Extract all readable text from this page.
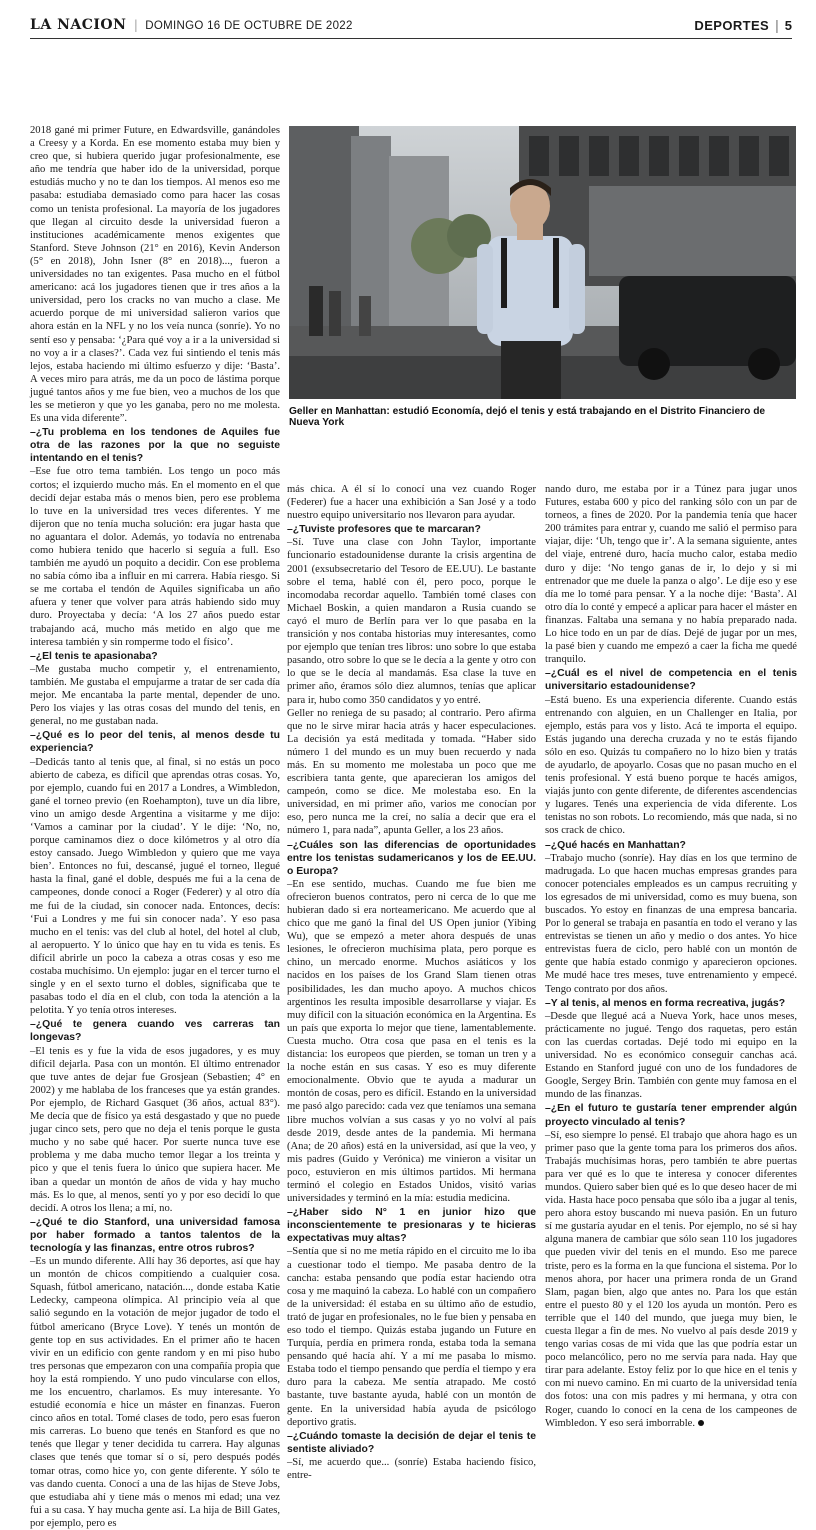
LA NACION | DOMINGO 16 DE OCTUBRE DE 2022	DEPORTES | 5
Geller en Manhattan: estudió Economía, dejó el tenis y está trabajando en el Distrito Financiero de Nueva York

2018 gané mi primer Future, en Edwardsville, ganándoles a Creesy y a Korda. En ese momento estaba muy bien y creo que, si hubiera querido jugar profesionalmente, ese año me tendría que haber ido de la universidad, porque estudiás mucho y no te dan los tiempos. Al menos eso me pasaba: estudiaba demasiado como para hacer las cosas como un tenista profesional. La mayoría de los jugadores que llegan al circuito desde la universidad fueron a instituciones académicamente menos exigentes que Stanford. Steve Johnson (21° en 2016), Kevin Anderson (5° en 2018), John Isner (8° en 2018)..., fueron a universidades no tan exigentes. Pasa mucho en el fútbol americano: acá los jugadores tienen que ir tres años a la universidad, pero los cracks no van mucho a clase. Me acuerdo porque de mi universidad salieron varios que ahora están en la NFL y no los veía nunca (sonríe). Yo no sentí eso y pensaba: ‘¿Para qué voy a ir a la universidad si no voy a ir a clases?’. Cada vez fui sintiendo el tenis más lejos, estaba haciendo mi último esfuerzo y dije: ‘Basta’. A veces miro para atrás, me da un poco de lástima porque jugué tantos años y me fue bien, veo a muchos de los que les se metieron y que yo les ganaba, pero no me molesta. Es una vida diferente”.

–¿Tu problema en los tendones de Aquiles fue otra de las razones por la que no seguiste intentando en el tenis?

–Ese fue otro tema también. Los tengo un poco más cortos; el izquierdo mucho más. En el momento en el que decidí dejar estaba más o menos bien, pero ese problema lo tuve en la universidad tres veces diferentes. Y me dijeron que no tenía mucha solución: era jugar hasta que no aguantara el dolor. Además, yo todavía no entrenaba como hubiera tenido que hacerlo si seguía a full. Eso también me ayudó un poquito a decidir. Con ese problema no sabía cómo iba a influir en mi carrera. Había riesgo. Si se me cortaba el tendón de Aquiles significaba un año afuera y tener que volver para atrás habiendo sido muy duro. Proyectaba y decía: ‘A los 27 años puedo estar trabajando acá, mucho más metido en algo que me interesa también y sin romperme todo el físico’.

–¿El tenis te apasionaba?

–Me gustaba mucho competir y, el entrenamiento, también. Me gustaba el empujarme a tratar de ser cada día mejor. Me encantaba la parte mental, depender de uno. Pero los viajes y las otras cosas del mundo del tenis, en general, no me gustaban nada.

–¿Qué es lo peor del tenis, al menos desde tu experiencia?

–Dedicás tanto al tenis que, al final, si no estás un poco abierto de cabeza, es difícil que aprendas otras cosas. Yo, por ejemplo, cuando fui en 2017 a Londres, a Wimbledon, gané el torneo previo (en Roehampton), tuve un día libre, vino un amigo desde Argentina a visitarme y me dijo: ‘Vamos a caminar por la ciudad’. Y le dije: ‘No, no, porque caminamos diez o doce kilómetros y al otro día estoy cansado. Juego Wimbledon y quiero que me vaya bien’. Entonces no fui, descansé, jugué el torneo, llegué hasta la final, gané el doble, después me fui a la cena de campeones, donde conocí a Roger (Federer) y al otro día me fui de la ciudad, sin conocer nada. Entonces, decís: ‘Fui a Londres y me fui sin conocer nada’. Y eso pasa mucho en el tenis: vas del club al hotel, del hotel al club, al aeropuerto. Y lo único que hay en tu vida es tenis. Es difícil abrirle un poco la cabeza a otras cosas y eso me costaba muchísimo. Un ejemplo: jugar en el tercer turno el single y en el sexto turno el dobles, significaba que te pasabas todo el día en el club, con toda la atención a la pelotita. Y yo tenía otros intereses.

–¿Qué te genera cuando ves carreras tan longevas?

–El tenis es y fue la vida de esos jugadores, y es muy difícil dejarla. Pasa con un montón. El último entrenador que tuve antes de dejar fue Grosjean (Sebastien; 4° en 2002) y me hablaba de los franceses que ya están grandes. Por ejemplo, de Richard Gasquet (36 años, actual 83°). Me decía que de físico ya está desgastado y que no puede jugar cinco sets, pero que no deja el tenis porque le gusta mucho y no sabe qué hacer. Por suerte nunca tuve ese problema y me daba mucho temor llegar a los treinta y pico y que el tenis fuera lo único que supiera hacer. Me iban a quedar un montón de años de vida y hay mucho más. Es lo que, al menos, sentí yo y por eso decidí lo que decidí. A otros los llena; a mí, no.

–¿Qué te dio Stanford, una universidad famosa por haber formado a tantos talentos de la tecnología y las finanzas, entre otros rubros?

–Es un mundo diferente. Allí hay 36 deportes, así que hay un montón de chicos compitiendo a cualquier cosa. Squash, fútbol americano, natación..., donde estaba Katie Ledecky, campeona olímpica. Al principio veía al que salió segundo en la votación de mejor jugador de todo el fútbol americano (Bryce Love). Y tenés un montón de gente top en sus actividades. En el primer año te hacen vivir en un edificio con gente random y en mi piso hubo tres personas que empezaron con una compañía propia que hoy la está rompiendo. Y uno pudo vincularse con ellos, me los encuentro, charlamos. Es muy interesante. Yo estudié economía e hice un máster en finanzas. Fueron cinco años en total. Tomé clases de todo, pero esas fueron mis carreras. Lo bueno que tenés en Stanford es que no tenés que llegar y tener decidida tu carrera. Hay algunas clases que tenés que tomar sí o sí, pero después podés tomar otras, como hice yo, con gente diferente. Y sólo te vas dando cuenta. Conocí a una de las hijas de Steve Jobs, que estudiaba ahí y tiene más o menos mi edad; una vez fui a su casa. Y hay mucha gente así. La hija de Bill Gates, por ejemplo, pero es

más chica. A él sí lo conocí una vez cuando Roger (Federer) fue a hacer una exhibición a San José y a todo nuestro equipo universitario nos llevaron para ayudar.

–¿Tuviste profesores que te marcaran?

–Sí. Tuve una clase con John Taylor, importante funcionario estadounidense durante la crisis argentina de 2001 (exsubsecretario del Tesoro de EE.UU). Le bastante sobre el tema, hablé con él, pero poco, porque le incomodaba recordar aquello. También tomé clases con Michael Boskin, a quien mandaron a Rusia cuando se cayó el muro de Berlín para ver lo que pasaba en la transición y nos contaba historias muy interesantes, como por ejemplo que tenían tres libros: uno sobre lo que estaba pasando, otro sobre lo que se le decía a la gente y otro con lo que se le decía al mandamás. Esa clase la tuve en primer año, éramos sólo diez alumnos, tenías que aplicar para ir, hubo como 350 candidatos y yo entré.

Geller no reniega de su pasado; al contrario. Pero afirma que no le sirve mirar hacia atrás y hacer especulaciones. La decisión ya está meditada y tomada. “Haber sido número 1 del mundo es un muy buen recuerdo y nada más. En su momento me molestaba un poco que me escribiera tanta gente, que aparecieran los amigos del campeón, como se dice. Me molestaba eso. En la universidad, en mi primer año, varios me conocían por eso, pero nunca me la creí, no salía a decir que era el número 1, para nada”, apunta Geller, a los 23 años.

–¿Cuáles son las diferencias de oportunidades entre los tenistas sudamericanos y los de EE.UU. o Europa?

–En ese sentido, muchas. Cuando me fue bien me ofrecieron buenos contratos, pero ni cerca de lo que me hubieran dado si era norteamericano. Me acuerdo que al chico que me ganó la final del US Open junior (Yibing Wu), que se empezó a meter ahora después de unas lesiones, le ofrecieron muchísima plata, pero porque es chino, un mercado enorme. Muchos asiáticos y los nacidos en los países de los Grand Slam tienen otras posibilidades, les dan mucho apoyo. A muchos chicos argentinos les resulta imposible desarrollarse y viajar. Es muy difícil con la situación económica en la Argentina. Es un país que exporta lo mejor que tiene, lamentablemente. Cuesta mucho. Otra cosa que pasa en el tenis es la distancia: los europeos que pierden, se toman un tren y a la noche están en sus casas. Y eso es muy diferente emocionalmente. Obvio que te ayuda a madurar un montón de cosas, pero es difícil. Estando en la universidad me pasó algo parecido: cada vez que teníamos una semana libre muchos volvían a sus casas y yo no volví al país desde 2019, desde antes de la pandemia. Mi hermana (Ana; de 20 años) está en la universidad, así que la veo, y mis padres (Guido y Verónica) me vinieron a visitar un poco, estuvieron en mis últimos partidos. Mi hermana terminó el colegio en Estados Unidos, visitó varias universidades y terminó en la mía: estudia medicina.

–¿Haber sido N° 1 en junior hizo que inconscientemente te presionaras y te hicieras expectativas muy altas?

–Sentía que si no me metía rápido en el circuito me lo iba a cuestionar todo el tiempo. Me pasaba dentro de la cancha: estaba pensando que podía estar haciendo otra cosa y me maquinó la cabeza. Lo hablé con un compañero de la universidad: él estaba en su último año de estudio, trató de jugar en profesionales, no le fue bien y pensaba en eso todo el tiempo. Quizás estaba jugando un Future en Turquía, perdía en primera ronda, estaba toda la semana pensando qué hacía ahí. Y a mí me pasaba lo mismo. Estaba todo el tiempo pensando que perdía el tiempo y era duro para la cabeza. Me sentía atrapado. Me costó bastante, tuve bastante ayuda, hablé con un montón de gente. En la universidad había ayuda de psicólogo deportivo gratis.

–¿Cuándo tomaste la decisión de dejar el tenis te sentiste aliviado?

–Sí, me acuerdo que... (sonríe) Estaba haciendo físico, entre-

nando duro, me estaba por ir a Túnez para jugar unos Futures, estaba 600 y pico del ranking sólo con un par de torneos, a fines de 2020. Por la pandemia tenía que hacer 200 trámites para entrar y, cuando me salió el permiso para viajar, dije: ‘Uh, tengo que ir’. A la semana siguiente, antes del viaje, entrené duro, hacía mucho calor, estaba medio duro y dije: ‘No tengo ganas de ir, lo dejo y si mi entrenador que me duele la panza o algo’. Le dije eso y ese día me lo tomé para pensar. Y a la noche dije: ‘Basta’. Al otro día lo conté y empecé a aplicar para hacer el máster en finanzas. Faltaba una semana y no había preparado nada. Lo hice todo en un par de días. Dejé de jugar por un mes, la pasé bien y cuando me empezó a caer la ficha me quedé tranquilo.

–¿Cuál es el nivel de competencia en el tenis universitario estadounidense?

–Está bueno. Es una experiencia diferente. Cuando estás entrenando con alguien, en un Challenger en Italia, por ejemplo, estás para vos y listo. Acá te importa el equipo. Estás jugando una derecha cruzada y no te estás fijando sólo en eso. Quizás tu compañero no lo hizo bien y tratás de ayudarlo, de apoyarlo. Cosas que no pasan mucho en el tenis profesional. Y está bueno porque te hacés amigos, viajás junto con gente diferente, de diferentes ascendencias y lugares. Tenés una experiencia de vida diferente. Los tenistas no son robots. Lo recomiendo, más que nada, si no sos crack de chico.

–¿Qué hacés en Manhattan?

–Trabajo mucho (sonríe). Hay días en los que termino de madrugada. Lo que hacen muchas empresas grandes para conocer potenciales empleados es un campus recruiting y los egresados de mi universidad, como es muy buena, son buscados. Yo estoy en finanzas de una empresa bancaria. Por lo general se trabaja en pasantía en todo el verano y las entrevistas se tienen un año y medio o dos antes. Yo hice entrevistas fuera de ciclo, pero hablé con un montón de gente que había estado conmigo y aparecieron opciones. Me mudé hace tres meses, tuve entrenamiento y empecé. Tengo contrato por dos años.

–Y al tenis, al menos en forma recreativa, jugás?

–Desde que llegué acá a Nueva York, hace unos meses, prácticamente no jugué. Tengo dos raquetas, pero están con las cuerdas cortadas. Dejé todo mi equipo en la universidad. No es económico conseguir canchas acá. Estando en Stanford jugué con uno de los fundadores de Google, Sergey Brin. También con gente muy famosa en el mundo de las finanzas.

–¿En el futuro te gustaría tener emprender algún proyecto vinculado al tenis?

–Sí, eso siempre lo pensé. El trabajo que ahora hago es un primer paso que la gente toma para los primeros dos años. Trabajás muchísimas horas, pero también te abre puertas para ver qué es lo que te interesa y conocer diferentes mundos. Quiero saber bien qué es lo que deseo hacer de mi vida. Hasta hace poco pensaba que sólo iba a jugar al tenis, pero ahora estoy buscando mi nueva pasión. En un futuro sí me gustaría ayudar en el tenis. Por ejemplo, no sé si hay alguna manera de cambiar que sólo sean 110 los jugadores que pueden vivir del tenis en el mundo. Eso me parece triste, pero es la forma en la que funciona el sistema. Por lo menos ahora, por hacer una primera ronda de un Grand Slam, pagan bien, algo que antes no. Para los que están entre el puesto 80 y el 120 los ayuda un montón. Pero es terrible que el 140 del mundo, que juega muy bien, le cuesta llegar a fin de mes. No vuelvo al país desde 2019 y tengo varias cosas de mi vida que las que podría estar un poco melancólico, pero no me servía para nada. Hay que tirar para adelante. Estoy feliz por lo que hice en el tenis y con mi nuevo camino. En mi cuarto de la universidad tenía dos fotos: una con mis padres y mi hermana, y otra con Roger, cuando lo conocí en la cena de los campeones de Wimbledon. Y eso será imborrable.
